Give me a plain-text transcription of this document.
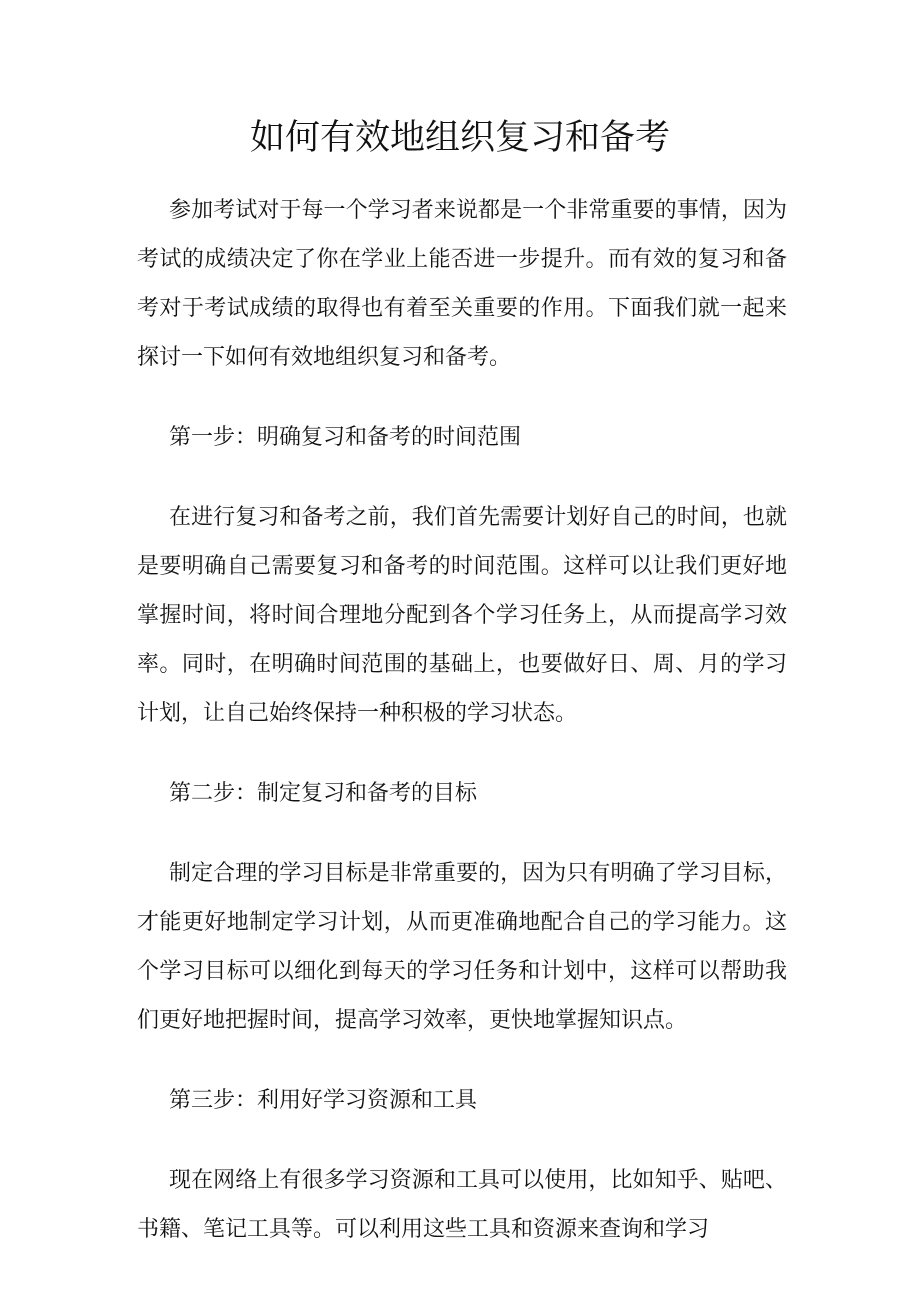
如何有效地组织复习和备考

参加考试对于每一个学习者来说都是一个非常重要的事情，因为考试的成绩决定了你在学业上能否进一步提升。而有效的复习和备考对于考试成绩的取得也有着至关重要的作用。下面我们就一起来探讨一下如何有效地组织复习和备考。

第一步：明确复习和备考的时间范围

在进行复习和备考之前，我们首先需要计划好自己的时间，也就是要明确自己需要复习和备考的时间范围。这样可以让我们更好地掌握时间，将时间合理地分配到各个学习任务上，从而提高学习效率。同时，在明确时间范围的基础上，也要做好日、周、月的学习计划，让自己始终保持一种积极的学习状态。

第二步：制定复习和备考的目标

制定合理的学习目标是非常重要的，因为只有明确了学习目标，才能更好地制定学习计划，从而更准确地配合自己的学习能力。这个学习目标可以细化到每天的学习任务和计划中，这样可以帮助我们更好地把握时间，提高学习效率，更快地掌握知识点。

第三步：利用好学习资源和工具

现在网络上有很多学习资源和工具可以使用，比如知乎、贴吧、书籍、笔记工具等。可以利用这些工具和资源来查询和学习
